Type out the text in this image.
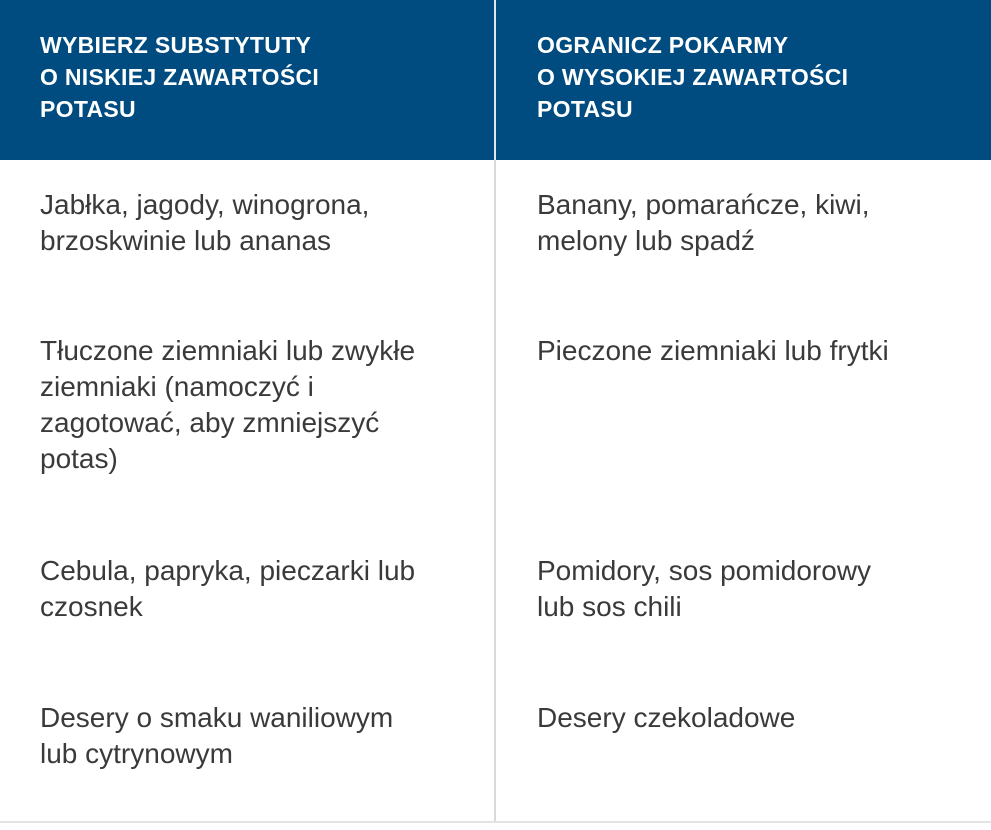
WYBIERZ SUBSTYTUTY
O NISKIEJ ZAWARTOŚCI
POTASU
OGRANICZ POKARMY
O WYSOKIEJ ZAWARTOŚCI
POTASU
Jabłka, jagody, winogrona,
brzoskwinie lub ananas
Banany, pomarańcze, kiwi,
melony lub spadź
Tłuczone ziemniaki lub zwykłe
ziemniaki (namoczyć i
zagotować, aby zmniejszyć
potas)
Pieczone ziemniaki lub frytki
Cebula, papryka, pieczarki lub
czosnek
Pomidory, sos pomidorowy
lub sos chili
Desery o smaku waniliowym
lub cytrynowym
Desery czekoladowe
